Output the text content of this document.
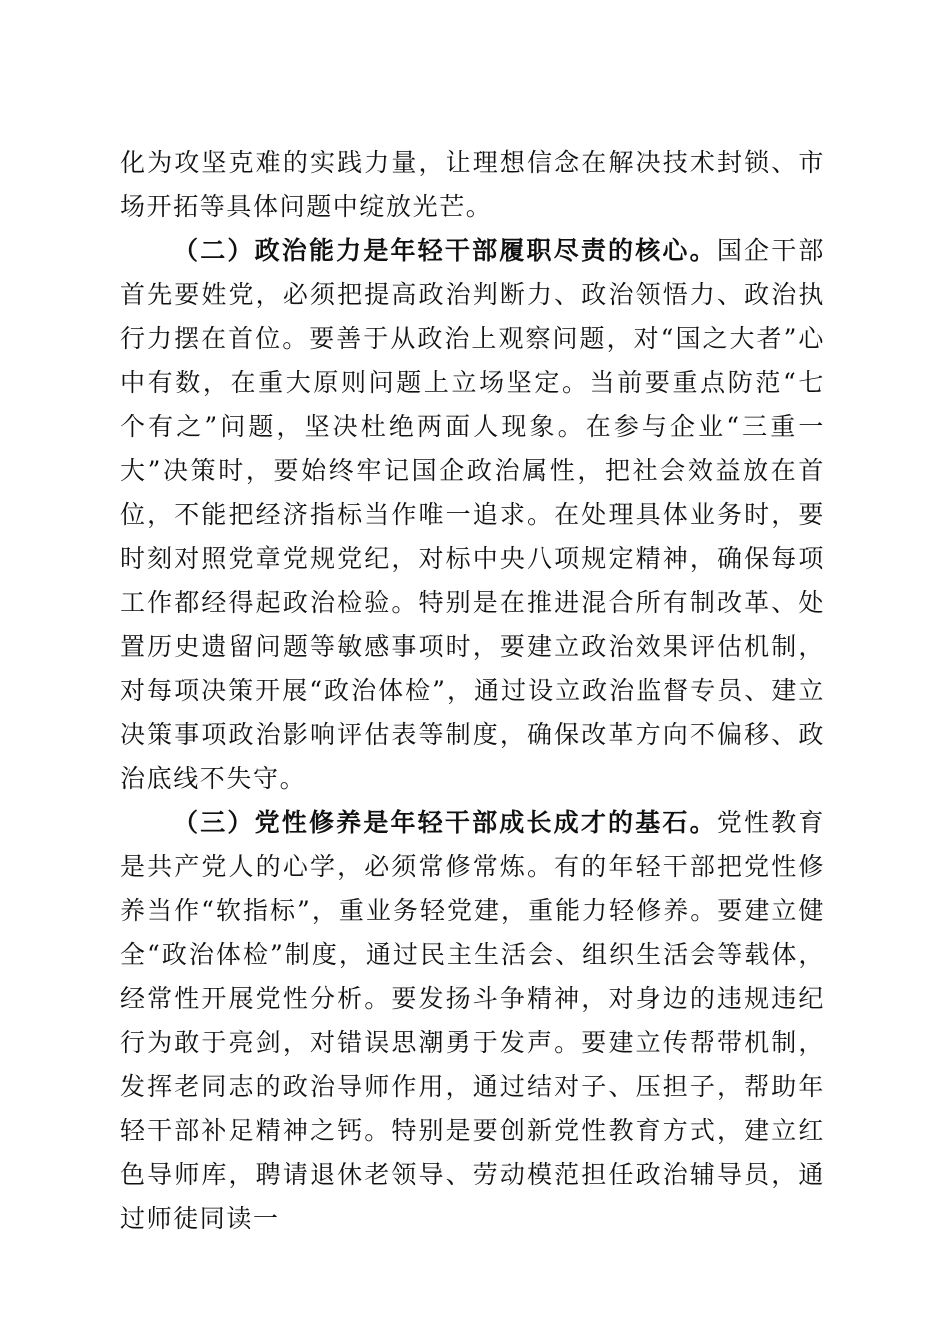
化为攻坚克难的实践力量，让理想信念在解决技术封锁、市场开拓等具体问题中绽放光芒。

（二）政治能力是年轻干部履职尽责的核心。国企干部首先要姓党，必须把提高政治判断力、政治领悟力、政治执行力摆在首位。要善于从政治上观察问题，对“国之大者”心中有数，在重大原则问题上立场坚定。当前要重点防范“七个有之”问题，坚决杜绝两面人现象。在参与企业“三重一大”决策时，要始终牢记国企政治属性，把社会效益放在首位，不能把经济指标当作唯一追求。在处理具体业务时，要时刻对照党章党规党纪，对标中央八项规定精神，确保每项工作都经得起政治检验。特别是在推进混合所有制改革、处置历史遗留问题等敏感事项时，要建立政治效果评估机制，对每项决策开展“政治体检”，通过设立政治监督专员、建立决策事项政治影响评估表等制度，确保改革方向不偏移、政治底线不失守。

（三）党性修养是年轻干部成长成才的基石。党性教育是共产党人的心学，必须常修常炼。有的年轻干部把党性修养当作“软指标”，重业务轻党建，重能力轻修养。要建立健全“政治体检”制度，通过民主生活会、组织生活会等载体，经常性开展党性分析。要发扬斗争精神，对身边的违规违纪行为敢于亮剑，对错误思潮勇于发声。要建立传帮带机制，发挥老同志的政治导师作用，通过结对子、压担子，帮助年轻干部补足精神之钙。特别是要创新党性教育方式，建立红色导师库，聘请退休老领导、劳动模范担任政治辅导员，通过师徒同读一
